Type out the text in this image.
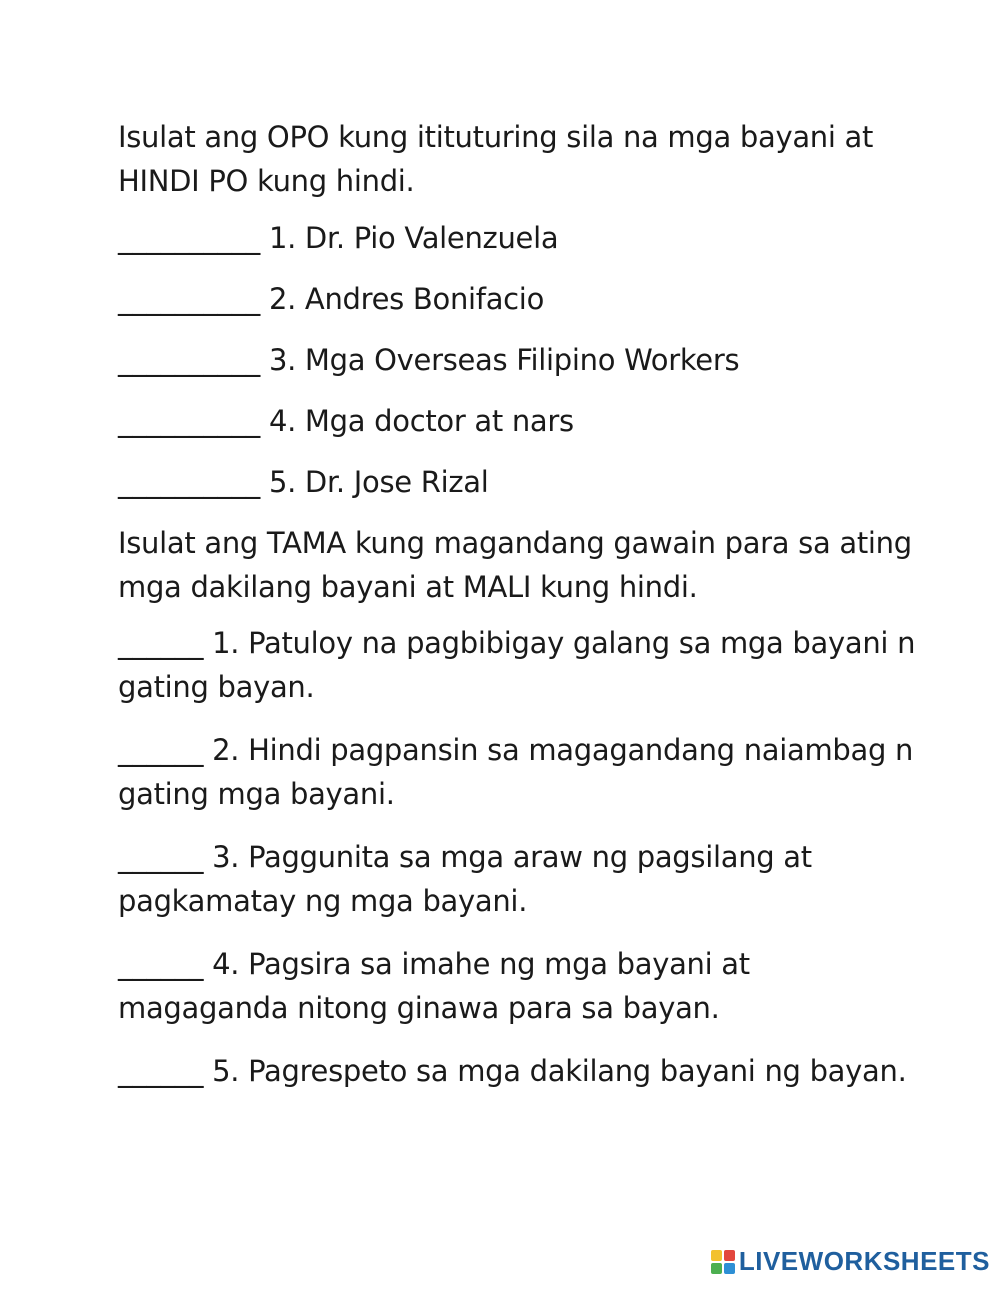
Isulat ang OPO kung itituturing sila na mga bayani at HINDI PO kung hindi.

__________ 1. Dr. Pio Valenzuela

__________ 2. Andres Bonifacio

__________ 3. Mga Overseas Filipino Workers

__________ 4. Mga doctor at nars

__________ 5. Dr. Jose Rizal

Isulat ang TAMA kung magandang gawain para sa ating mga dakilang bayani at MALI kung hindi.

______ 1. Patuloy na pagbibigay galang sa mga bayani n gating bayan.

______ 2. Hindi pagpansin sa magagandang naiambag n gating mga bayani.

______ 3. Paggunita sa mga araw ng pagsilang at pagkamatay ng mga bayani.

______ 4. Pagsira sa imahe ng mga bayani at magaganda nitong ginawa para sa bayan.

______ 5. Pagrespeto sa mga dakilang bayani ng bayan.

LIVEWORKSHEETS
